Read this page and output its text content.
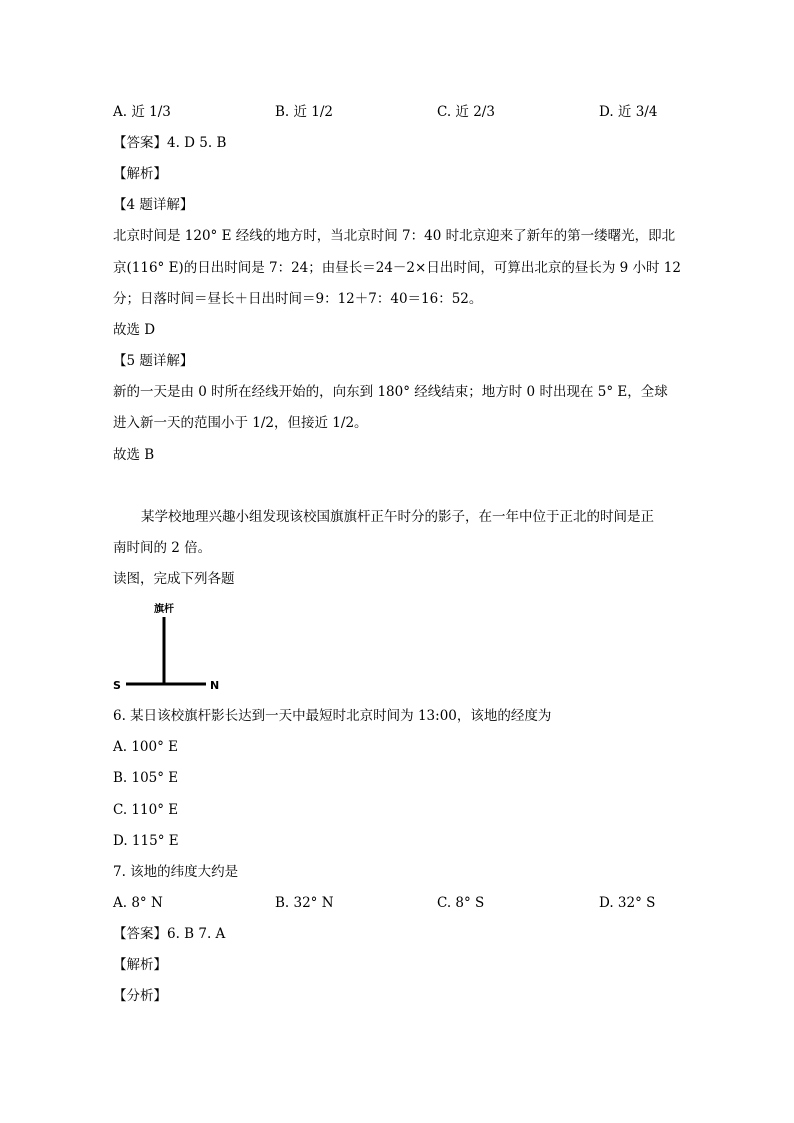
A. 近 1/3	B. 近 1/2	C. 近 2/3	D. 近 3/4
【答案】4. D 5. B
【解析】
【4 题详解】
北京时间是 120° E 经线的地方时，当北京时间 7：40 时北京迎来了新年的第一缕曙光，即北
京(116° E)的日出时间是 7：24；由昼长＝24－2×日出时间，可算出北京的昼长为 9 小时 12
分；日落时间＝昼长＋日出时间＝9：12＋7：40＝16：52。
故选 D
【5 题详解】
新的一天是由 0 时所在经线开始的，向东到 180° 经线结束；地方时 0 时出现在 5° E，全球
进入新一天的范围小于 1/2，但接近 1/2。
故选 B
某学校地理兴趣小组发现该校国旗旗杆正午时分的影子，在一年中位于正北的时间是正
南时间的 2 倍。
读图，完成下列各题
旗杆
S	N
6. 某日该校旗杆影长达到一天中最短时北京时间为 13:00，该地的经度为
A. 100° E
B. 105° E
C. 110° E
D. 115° E
7. 该地的纬度大约是
A. 8° N	B. 32° N	C. 8° S	D. 32° S
【答案】6. B 7. A
【解析】
【分析】
